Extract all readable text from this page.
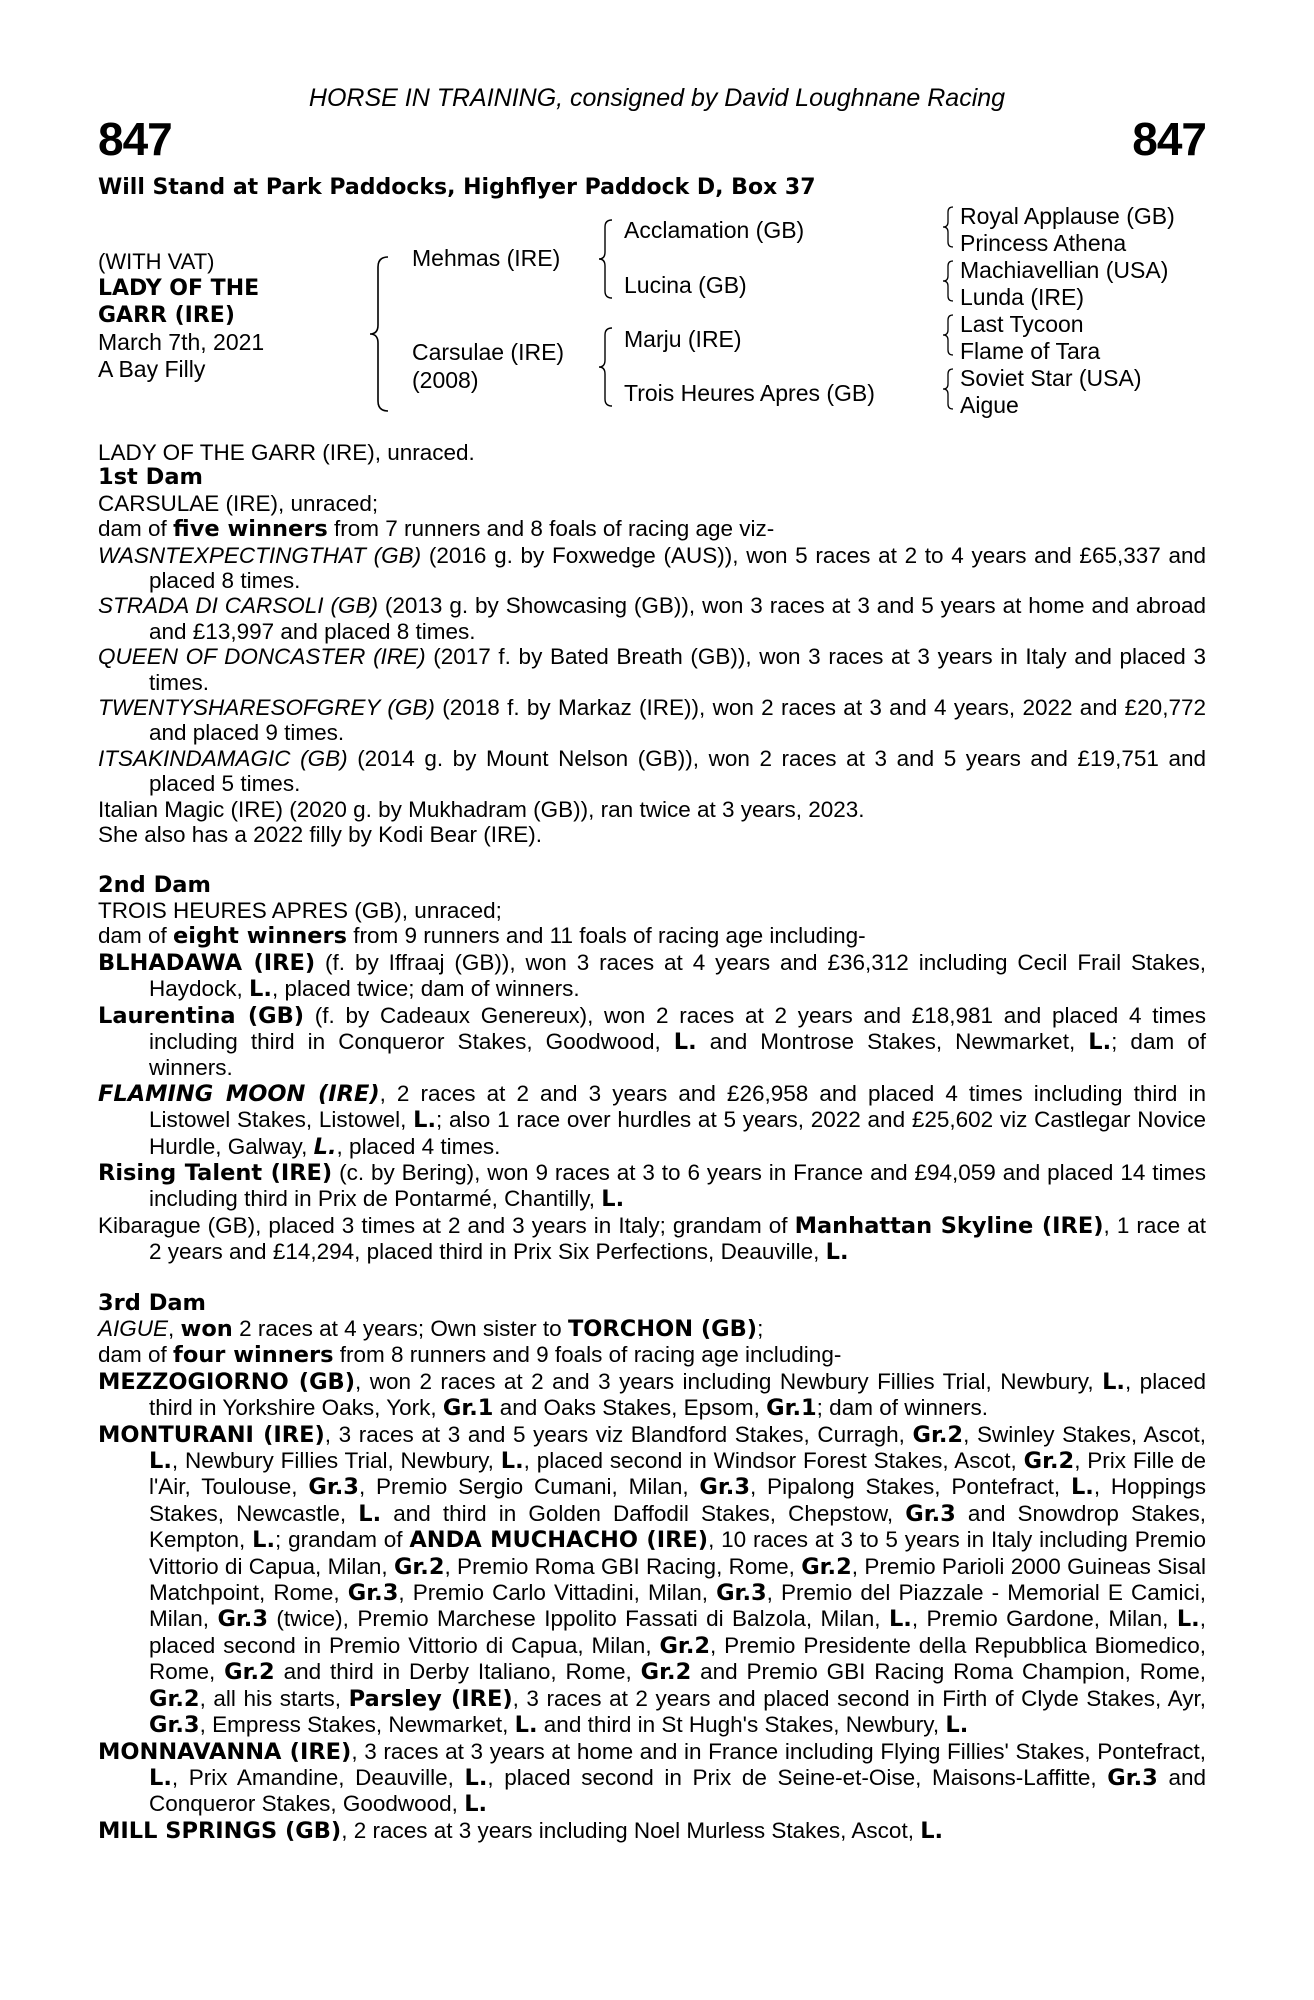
HORSE IN TRAINING, consigned by David Loughnane Racing
847	847
Will Stand at Park Paddocks, Highflyer Paddock D, Box 37
(WITH VAT)
LADY OF THE
GARR (IRE)
March 7th, 2021
A Bay Filly
Mehmas (IRE)
Carsulae (IRE)
(2008)
Acclamation (GB)
Lucina (GB)
Marju (IRE)
Trois Heures Apres (GB)
Royal Applause (GB)
Princess Athena
Machiavellian (USA)
Lunda (IRE)
Last Tycoon
Flame of Tara
Soviet Star (USA)
Aigue

LADY OF THE GARR (IRE), unraced.

1st Dam

CARSULAE (IRE), unraced;

dam of five winners from 7 runners and 8 foals of racing age viz-

WASNTEXPECTINGTHAT (GB) (2016 g. by Foxwedge (AUS)), won 5 races at 2 to 4 years and £65,337 and placed 8 times.

STRADA DI CARSOLI (GB) (2013 g. by Showcasing (GB)), won 3 races at 3 and 5 years at home and abroad and £13,997 and placed 8 times.

QUEEN OF DONCASTER (IRE) (2017 f. by Bated Breath (GB)), won 3 races at 3 years in Italy and placed 3 times.

TWENTYSHARESOFGREY (GB) (2018 f. by Markaz (IRE)), won 2 races at 3 and 4 years, 2022 and £20,772 and placed 9 times.

ITSAKINDAMAGIC (GB) (2014 g. by Mount Nelson (GB)), won 2 races at 3 and 5 years and £19,751 and placed 5 times.

Italian Magic (IRE) (2020 g. by Mukhadram (GB)), ran twice at 3 years, 2023.

She also has a 2022 filly by Kodi Bear (IRE).

2nd Dam

TROIS HEURES APRES (GB), unraced;

dam of eight winners from 9 runners and 11 foals of racing age including-

BLHADAWA (IRE) (f. by Iffraaj (GB)), won 3 races at 4 years and £36,312 including Cecil Frail Stakes, Haydock, L., placed twice; dam of winners.

Laurentina (GB) (f. by Cadeaux Genereux), won 2 races at 2 years and £18,981 and placed 4 times including third in Conqueror Stakes, Goodwood, L. and Montrose Stakes, Newmarket, L.; dam of winners.

FLAMING MOON (IRE), 2 races at 2 and 3 years and £26,958 and placed 4 times including third in Listowel Stakes, Listowel, L.; also 1 race over hurdles at 5 years, 2022 and £25,602 viz Castlegar Novice Hurdle, Galway, L., placed 4 times.

Rising Talent (IRE) (c. by Bering), won 9 races at 3 to 6 years in France and £94,059 and placed 14 times including third in Prix de Pontarmé, Chantilly, L.

Kibarague (GB), placed 3 times at 2 and 3 years in Italy; grandam of Manhattan Skyline (IRE), 1 race at 2 years and £14,294, placed third in Prix Six Perfections, Deauville, L.

3rd Dam

AIGUE, won 2 races at 4 years; Own sister to TORCHON (GB);

dam of four winners from 8 runners and 9 foals of racing age including-

MEZZOGIORNO (GB), won 2 races at 2 and 3 years including Newbury Fillies Trial, Newbury, L., placed third in Yorkshire Oaks, York, Gr.1 and Oaks Stakes, Epsom, Gr.1; dam of winners.

MONTURANI (IRE), 3 races at 3 and 5 years viz Blandford Stakes, Curragh, Gr.2, Swinley Stakes, Ascot, L., Newbury Fillies Trial, Newbury, L., placed second in Windsor Forest Stakes, Ascot, Gr.2, Prix Fille de l'Air, Toulouse, Gr.3, Premio Sergio Cumani, Milan, Gr.3, Pipalong Stakes, Pontefract, L., Hoppings Stakes, Newcastle, L. and third in Golden Daffodil Stakes, Chepstow, Gr.3 and Snowdrop Stakes, Kempton, L.; grandam of ANDA MUCHACHO (IRE), 10 races at 3 to 5 years in Italy including Premio Vittorio di Capua, Milan, Gr.2, Premio Roma GBI Racing, Rome, Gr.2, Premio Parioli 2000 Guineas Sisal Matchpoint, Rome, Gr.3, Premio Carlo Vittadini, Milan, Gr.3, Premio del Piazzale - Memorial E Camici, Milan, Gr.3 (twice), Premio Marchese Ippolito Fassati di Balzola, Milan, L., Premio Gardone, Milan, L., placed second in Premio Vittorio di Capua, Milan, Gr.2, Premio Presidente della Repubblica Biomedico, Rome, Gr.2 and third in Derby Italiano, Rome, Gr.2 and Premio GBI Racing Roma Champion, Rome, Gr.2, all his starts, Parsley (IRE), 3 races at 2 years and placed second in Firth of Clyde Stakes, Ayr, Gr.3, Empress Stakes, Newmarket, L. and third in St Hugh's Stakes, Newbury, L.

MONNAVANNA (IRE), 3 races at 3 years at home and in France including Flying Fillies' Stakes, Pontefract, L., Prix Amandine, Deauville, L., placed second in Prix de Seine-et-Oise, Maisons-Laffitte, Gr.3 and Conqueror Stakes, Goodwood, L.

MILL SPRINGS (GB), 2 races at 3 years including Noel Murless Stakes, Ascot, L.
